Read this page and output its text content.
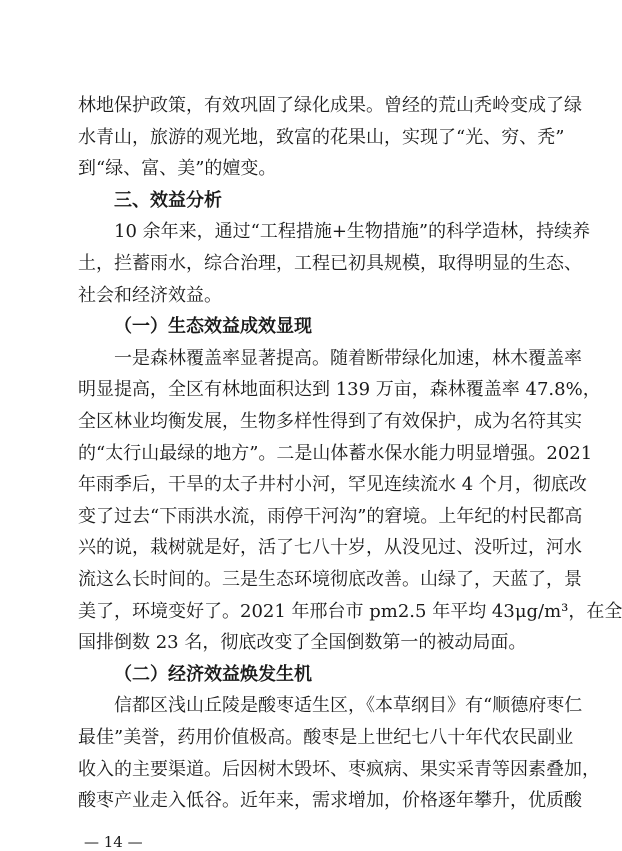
林地保护政策，有效巩固了绿化成果。曾经的荒山秃岭变成了绿
水青山，旅游的观光地，致富的花果山，实现了“光、穷、秃”
到“绿、富、美”的嬗变。
三、效益分析
10 余年来，通过“工程措施+生物措施”的科学造林，持续养
土，拦蓄雨水，综合治理，工程已初具规模，取得明显的生态、
社会和经济效益。
（一）生态效益成效显现
一是森林覆盖率显著提高。随着断带绿化加速，林木覆盖率
明显提高，全区有林地面积达到 139 万亩，森林覆盖率 47.8%，
全区林业均衡发展，生物多样性得到了有效保护，成为名符其实
的“太行山最绿的地方”。二是山体蓄水保水能力明显增强。2021
年雨季后，干旱的太子井村小河，罕见连续流水 4 个月，彻底改
变了过去“下雨洪水流，雨停干河沟”的窘境。上年纪的村民都高
兴的说，栽树就是好，活了七八十岁，从没见过、没听过，河水
流这么长时间的。三是生态环境彻底改善。山绿了，天蓝了，景
美了，环境变好了。2021 年邢台市 pm2.5 年平均 43μg/m³，在全
国排倒数 23 名，彻底改变了全国倒数第一的被动局面。
（二）经济效益焕发生机
信都区浅山丘陵是酸枣适生区，《本草纲目》有“顺德府枣仁
最佳”美誉，药用价值极高。酸枣是上世纪七八十年代农民副业
收入的主要渠道。后因树木毁坏、枣疯病、果实采青等因素叠加，
酸枣产业走入低谷。近年来，需求增加，价格逐年攀升，优质酸
— 14 —
